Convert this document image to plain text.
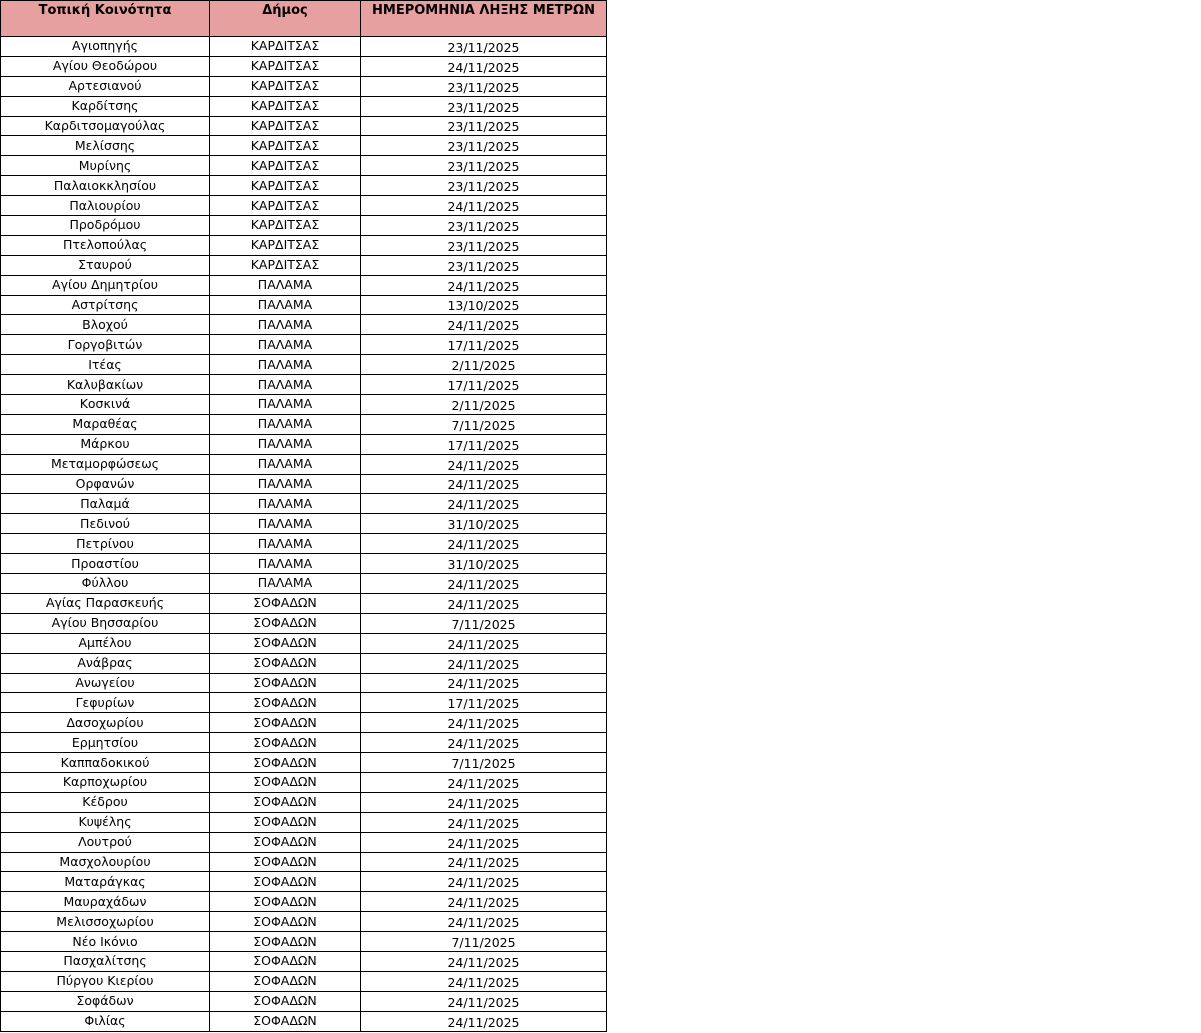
Τοπική Κοινότητα	Δήμος	ΗΜΕΡΟΜΗΝΙΑ ΛΗΞΗΣ ΜΕΤΡΩΝ
Αγιοπηγής	ΚΑΡΔΙΤΣΑΣ	23/11/2025
Αγίου Θεοδώρου	ΚΑΡΔΙΤΣΑΣ	24/11/2025
Αρτεσιανού	ΚΑΡΔΙΤΣΑΣ	23/11/2025
Καρδίτσης	ΚΑΡΔΙΤΣΑΣ	23/11/2025
Καρδιτσομαγούλας	ΚΑΡΔΙΤΣΑΣ	23/11/2025
Μελίσσης	ΚΑΡΔΙΤΣΑΣ	23/11/2025
Μυρίνης	ΚΑΡΔΙΤΣΑΣ	23/11/2025
Παλαιοκκλησίου	ΚΑΡΔΙΤΣΑΣ	23/11/2025
Παλιουρίου	ΚΑΡΔΙΤΣΑΣ	24/11/2025
Προδρόμου	ΚΑΡΔΙΤΣΑΣ	23/11/2025
Πτελοπούλας	ΚΑΡΔΙΤΣΑΣ	23/11/2025
Σταυρού	ΚΑΡΔΙΤΣΑΣ	23/11/2025
Αγίου Δημητρίου	ΠΑΛΑΜΑ	24/11/2025
Αστρίτσης	ΠΑΛΑΜΑ	13/10/2025
Βλοχού	ΠΑΛΑΜΑ	24/11/2025
Γοργοβιτών	ΠΑΛΑΜΑ	17/11/2025
Ιτέας	ΠΑΛΑΜΑ	2/11/2025
Καλυβακίων	ΠΑΛΑΜΑ	17/11/2025
Κοσκινά	ΠΑΛΑΜΑ	2/11/2025
Μαραθέας	ΠΑΛΑΜΑ	7/11/2025
Μάρκου	ΠΑΛΑΜΑ	17/11/2025
Μεταμορφώσεως	ΠΑΛΑΜΑ	24/11/2025
Ορφανών	ΠΑΛΑΜΑ	24/11/2025
Παλαμά	ΠΑΛΑΜΑ	24/11/2025
Πεδινού	ΠΑΛΑΜΑ	31/10/2025
Πετρίνου	ΠΑΛΑΜΑ	24/11/2025
Προαστίου	ΠΑΛΑΜΑ	31/10/2025
Φύλλου	ΠΑΛΑΜΑ	24/11/2025
Αγίας Παρασκευής	ΣΟΦΑΔΩΝ	24/11/2025
Αγίου Βησσαρίου	ΣΟΦΑΔΩΝ	7/11/2025
Αμπέλου	ΣΟΦΑΔΩΝ	24/11/2025
Ανάβρας	ΣΟΦΑΔΩΝ	24/11/2025
Ανωγείου	ΣΟΦΑΔΩΝ	24/11/2025
Γεφυρίων	ΣΟΦΑΔΩΝ	17/11/2025
Δασοχωρίου	ΣΟΦΑΔΩΝ	24/11/2025
Ερμητσίου	ΣΟΦΑΔΩΝ	24/11/2025
Καππαδοκικού	ΣΟΦΑΔΩΝ	7/11/2025
Καρποχωρίου	ΣΟΦΑΔΩΝ	24/11/2025
Κέδρου	ΣΟΦΑΔΩΝ	24/11/2025
Κυψέλης	ΣΟΦΑΔΩΝ	24/11/2025
Λουτρού	ΣΟΦΑΔΩΝ	24/11/2025
Μασχολουρίου	ΣΟΦΑΔΩΝ	24/11/2025
Ματαράγκας	ΣΟΦΑΔΩΝ	24/11/2025
Μαυραχάδων	ΣΟΦΑΔΩΝ	24/11/2025
Μελισσοχωρίου	ΣΟΦΑΔΩΝ	24/11/2025
Νέο Ικόνιο	ΣΟΦΑΔΩΝ	7/11/2025
Πασχαλίτσης	ΣΟΦΑΔΩΝ	24/11/2025
Πύργου Κιερίου	ΣΟΦΑΔΩΝ	24/11/2025
Σοφάδων	ΣΟΦΑΔΩΝ	24/11/2025
Φιλίας	ΣΟΦΑΔΩΝ	24/11/2025
